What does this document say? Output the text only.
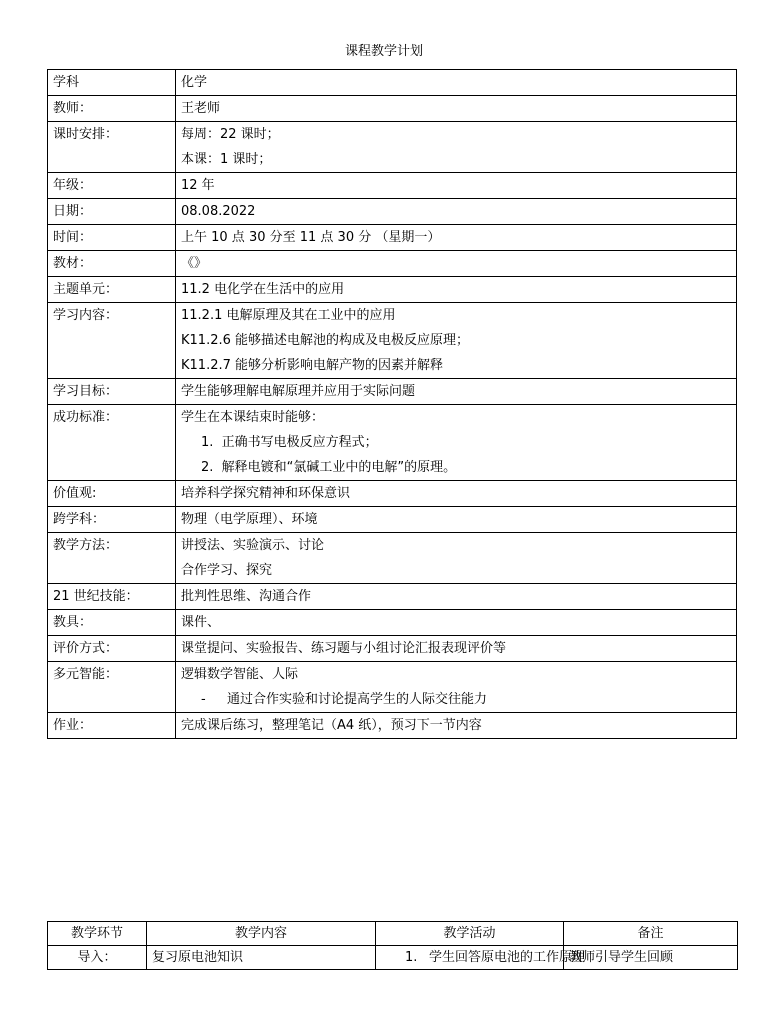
课程教学计划
学科	化学

教师：	王老师

课时安排：	每周：22 课时；
本课：1 课时；

年级：	12 年

日期：	08.08.2022

时间：	上午 10 点 30 分至 11 点 30 分 （星期一）

教材：	《》

主题单元：	11.2 电化学在生活中的应用

学习内容：	11.2.1 电解原理及其在工业中的应用
K11.2.6 能够描述电解池的构成及电极反应原理；
K11.2.7 能够分析影响电解产物的因素并解释

学习目标：	学生能够理解电解原理并应用于实际问题

成功标准：	学生在本课结束时能够：
1.  正确书写电极反应方程式；
2.  解释电镀和“氯碱工业中的电解”的原理。

价值观:	培养科学探究精神和环保意识

跨学科：	物理（电学原理）、环境

教学方法：	讲授法、实验演示、讨论
合作学习、探究

21 世纪技能：	批判性思维、沟通合作

教具：	课件、

评价方式：	课堂提问、实验报告、练习题与小组讨论汇报表现评价等

多元智能：	逻辑数学智能、人际
- 通过合作实验和讨论提高学生的人际交往能力

作业：	完成课后练习，整理笔记（A4 纸），预习下一节内容
教学环节	教学内容	教学活动	备注
导入：	复习原电池知识	1. 学生回答原电池的工作原理	教师引导学生回顾
